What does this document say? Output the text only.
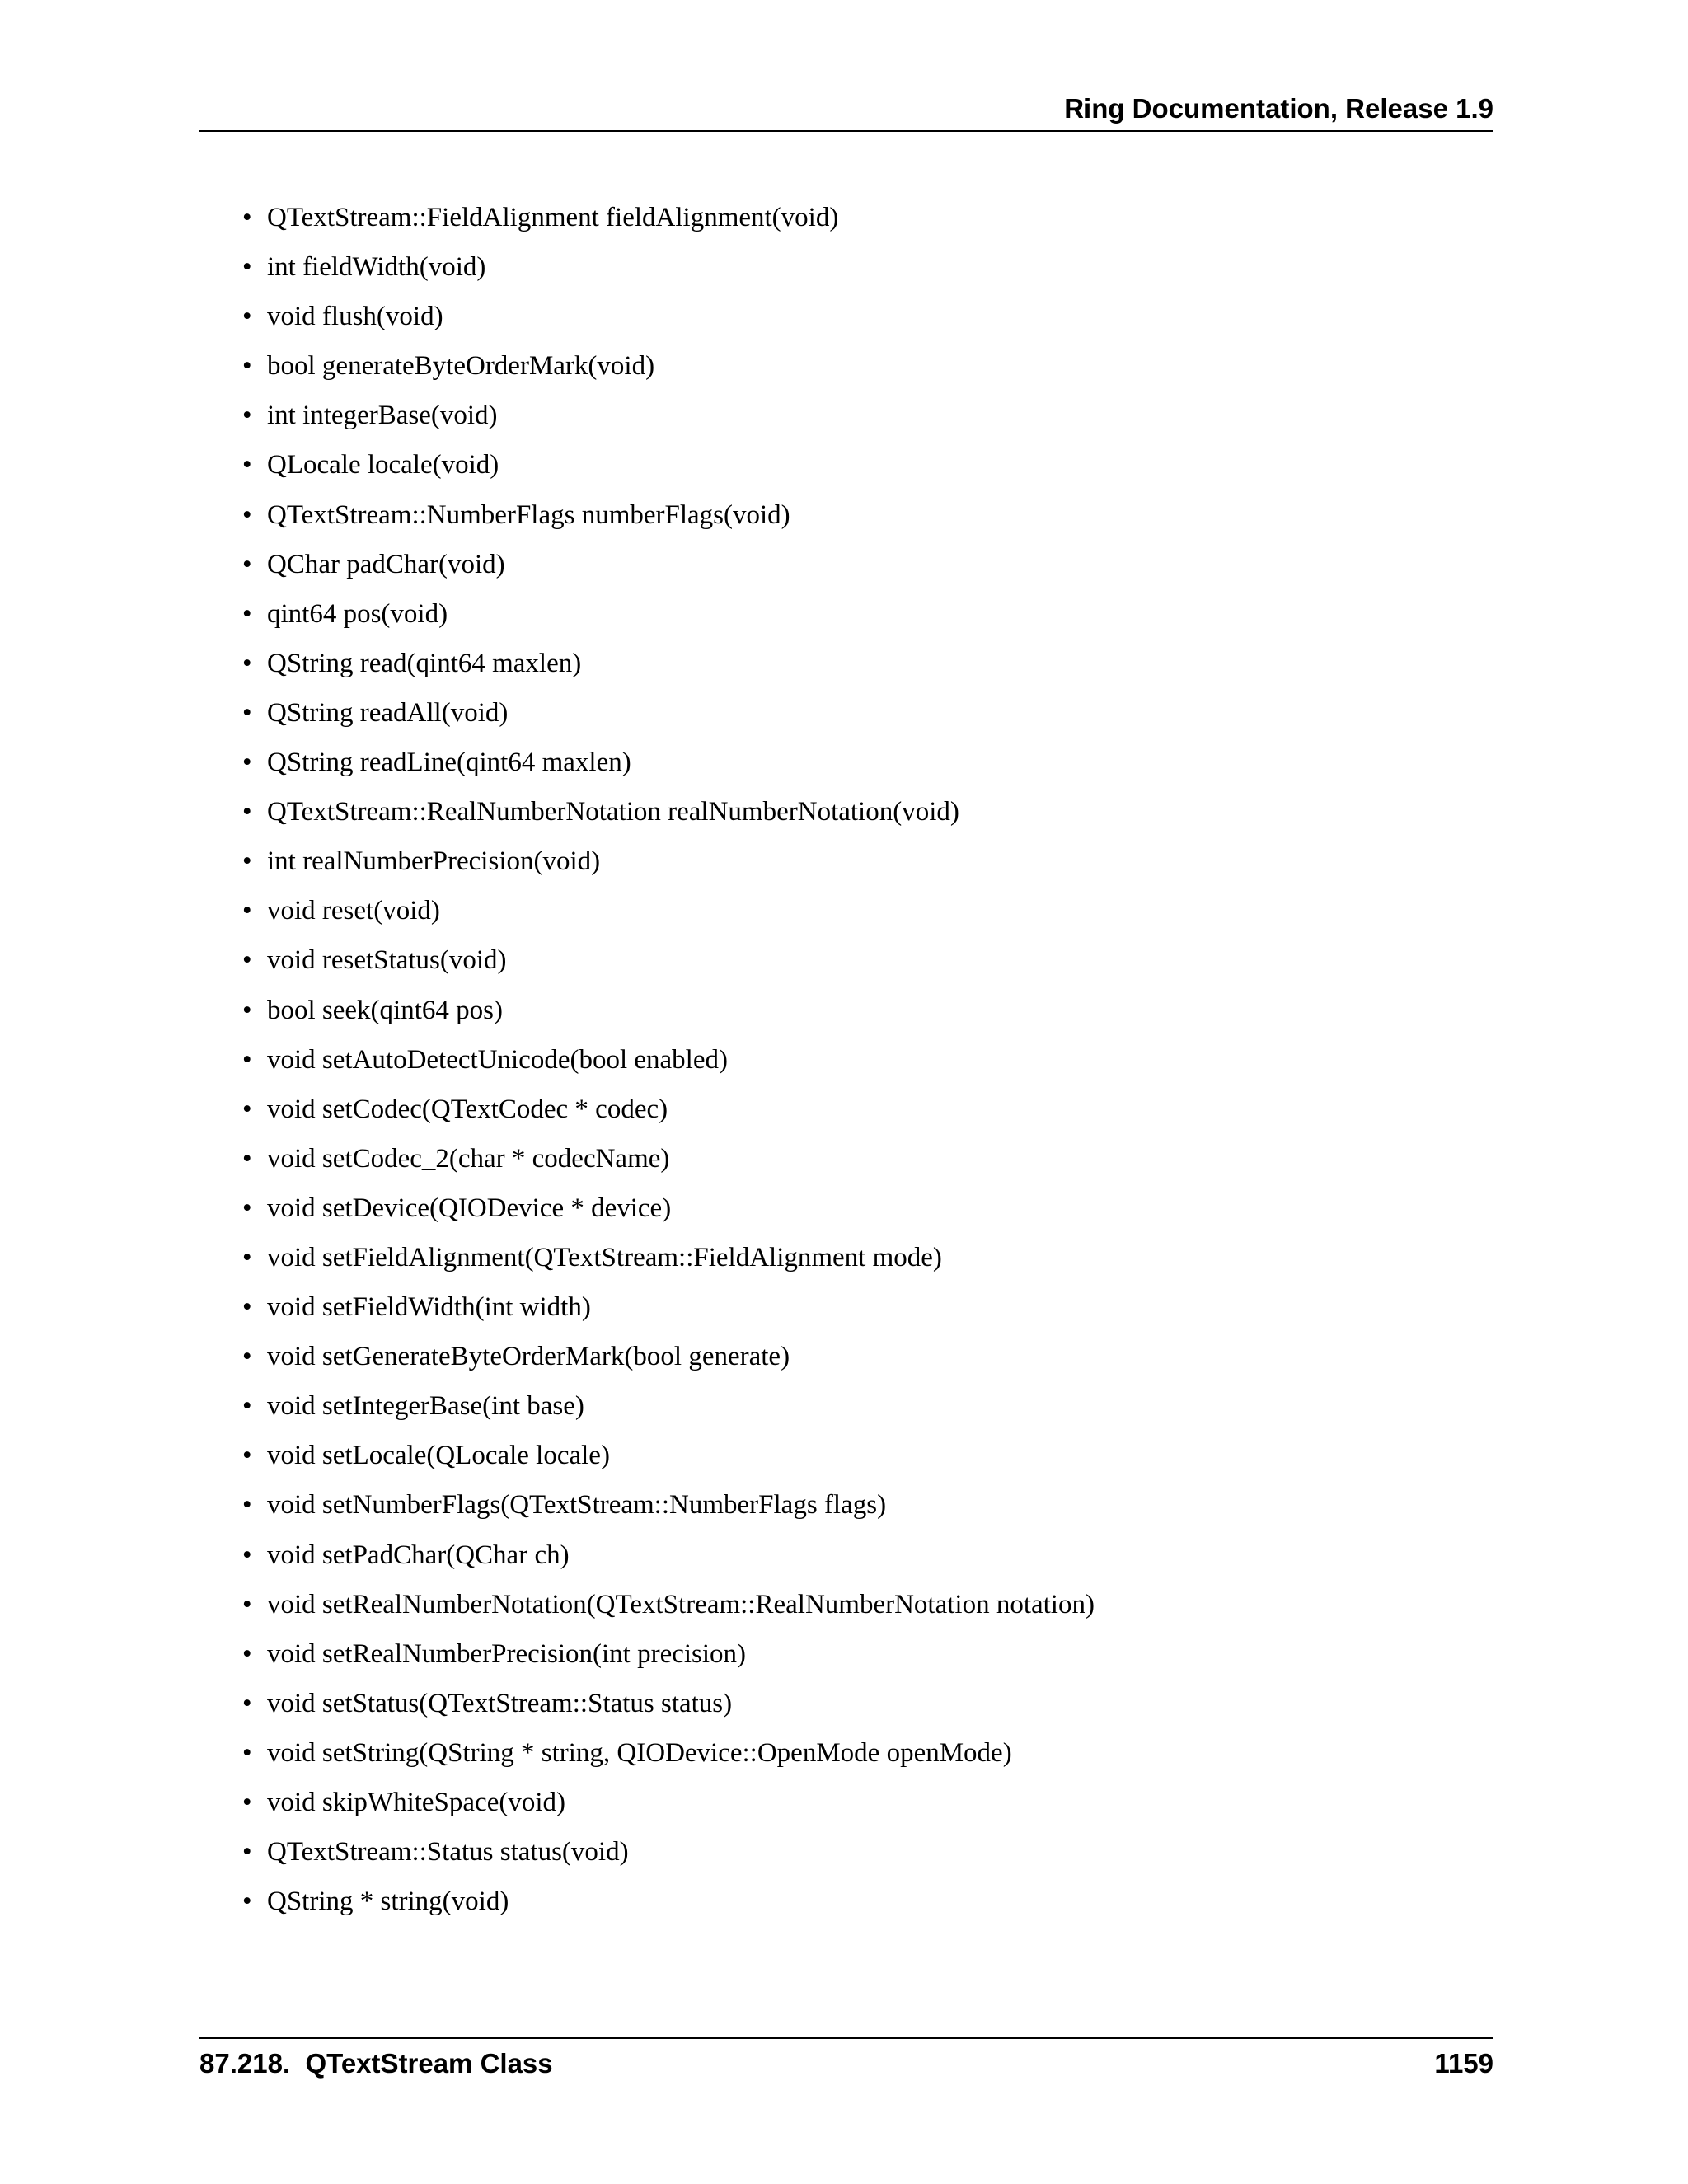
Ring Documentation, Release 1.9
• QTextStream::FieldAlignment fieldAlignment(void)
• int fieldWidth(void)
• void flush(void)
• bool generateByteOrderMark(void)
• int integerBase(void)
• QLocale locale(void)
• QTextStream::NumberFlags numberFlags(void)
• QChar padChar(void)
• qint64 pos(void)
• QString read(qint64 maxlen)
• QString readAll(void)
• QString readLine(qint64 maxlen)
• QTextStream::RealNumberNotation realNumberNotation(void)
• int realNumberPrecision(void)
• void reset(void)
• void resetStatus(void)
• bool seek(qint64 pos)
• void setAutoDetectUnicode(bool enabled)
• void setCodec(QTextCodec * codec)
• void setCodec_2(char * codecName)
• void setDevice(QIODevice * device)
• void setFieldAlignment(QTextStream::FieldAlignment mode)
• void setFieldWidth(int width)
• void setGenerateByteOrderMark(bool generate)
• void setIntegerBase(int base)
• void setLocale(QLocale locale)
• void setNumberFlags(QTextStream::NumberFlags flags)
• void setPadChar(QChar ch)
• void setRealNumberNotation(QTextStream::RealNumberNotation notation)
• void setRealNumberPrecision(int precision)
• void setStatus(QTextStream::Status status)
• void setString(QString * string, QIODevice::OpenMode openMode)
• void skipWhiteSpace(void)
• QTextStream::Status status(void)
• QString * string(void)
87.218.  QTextStream Class	1159
